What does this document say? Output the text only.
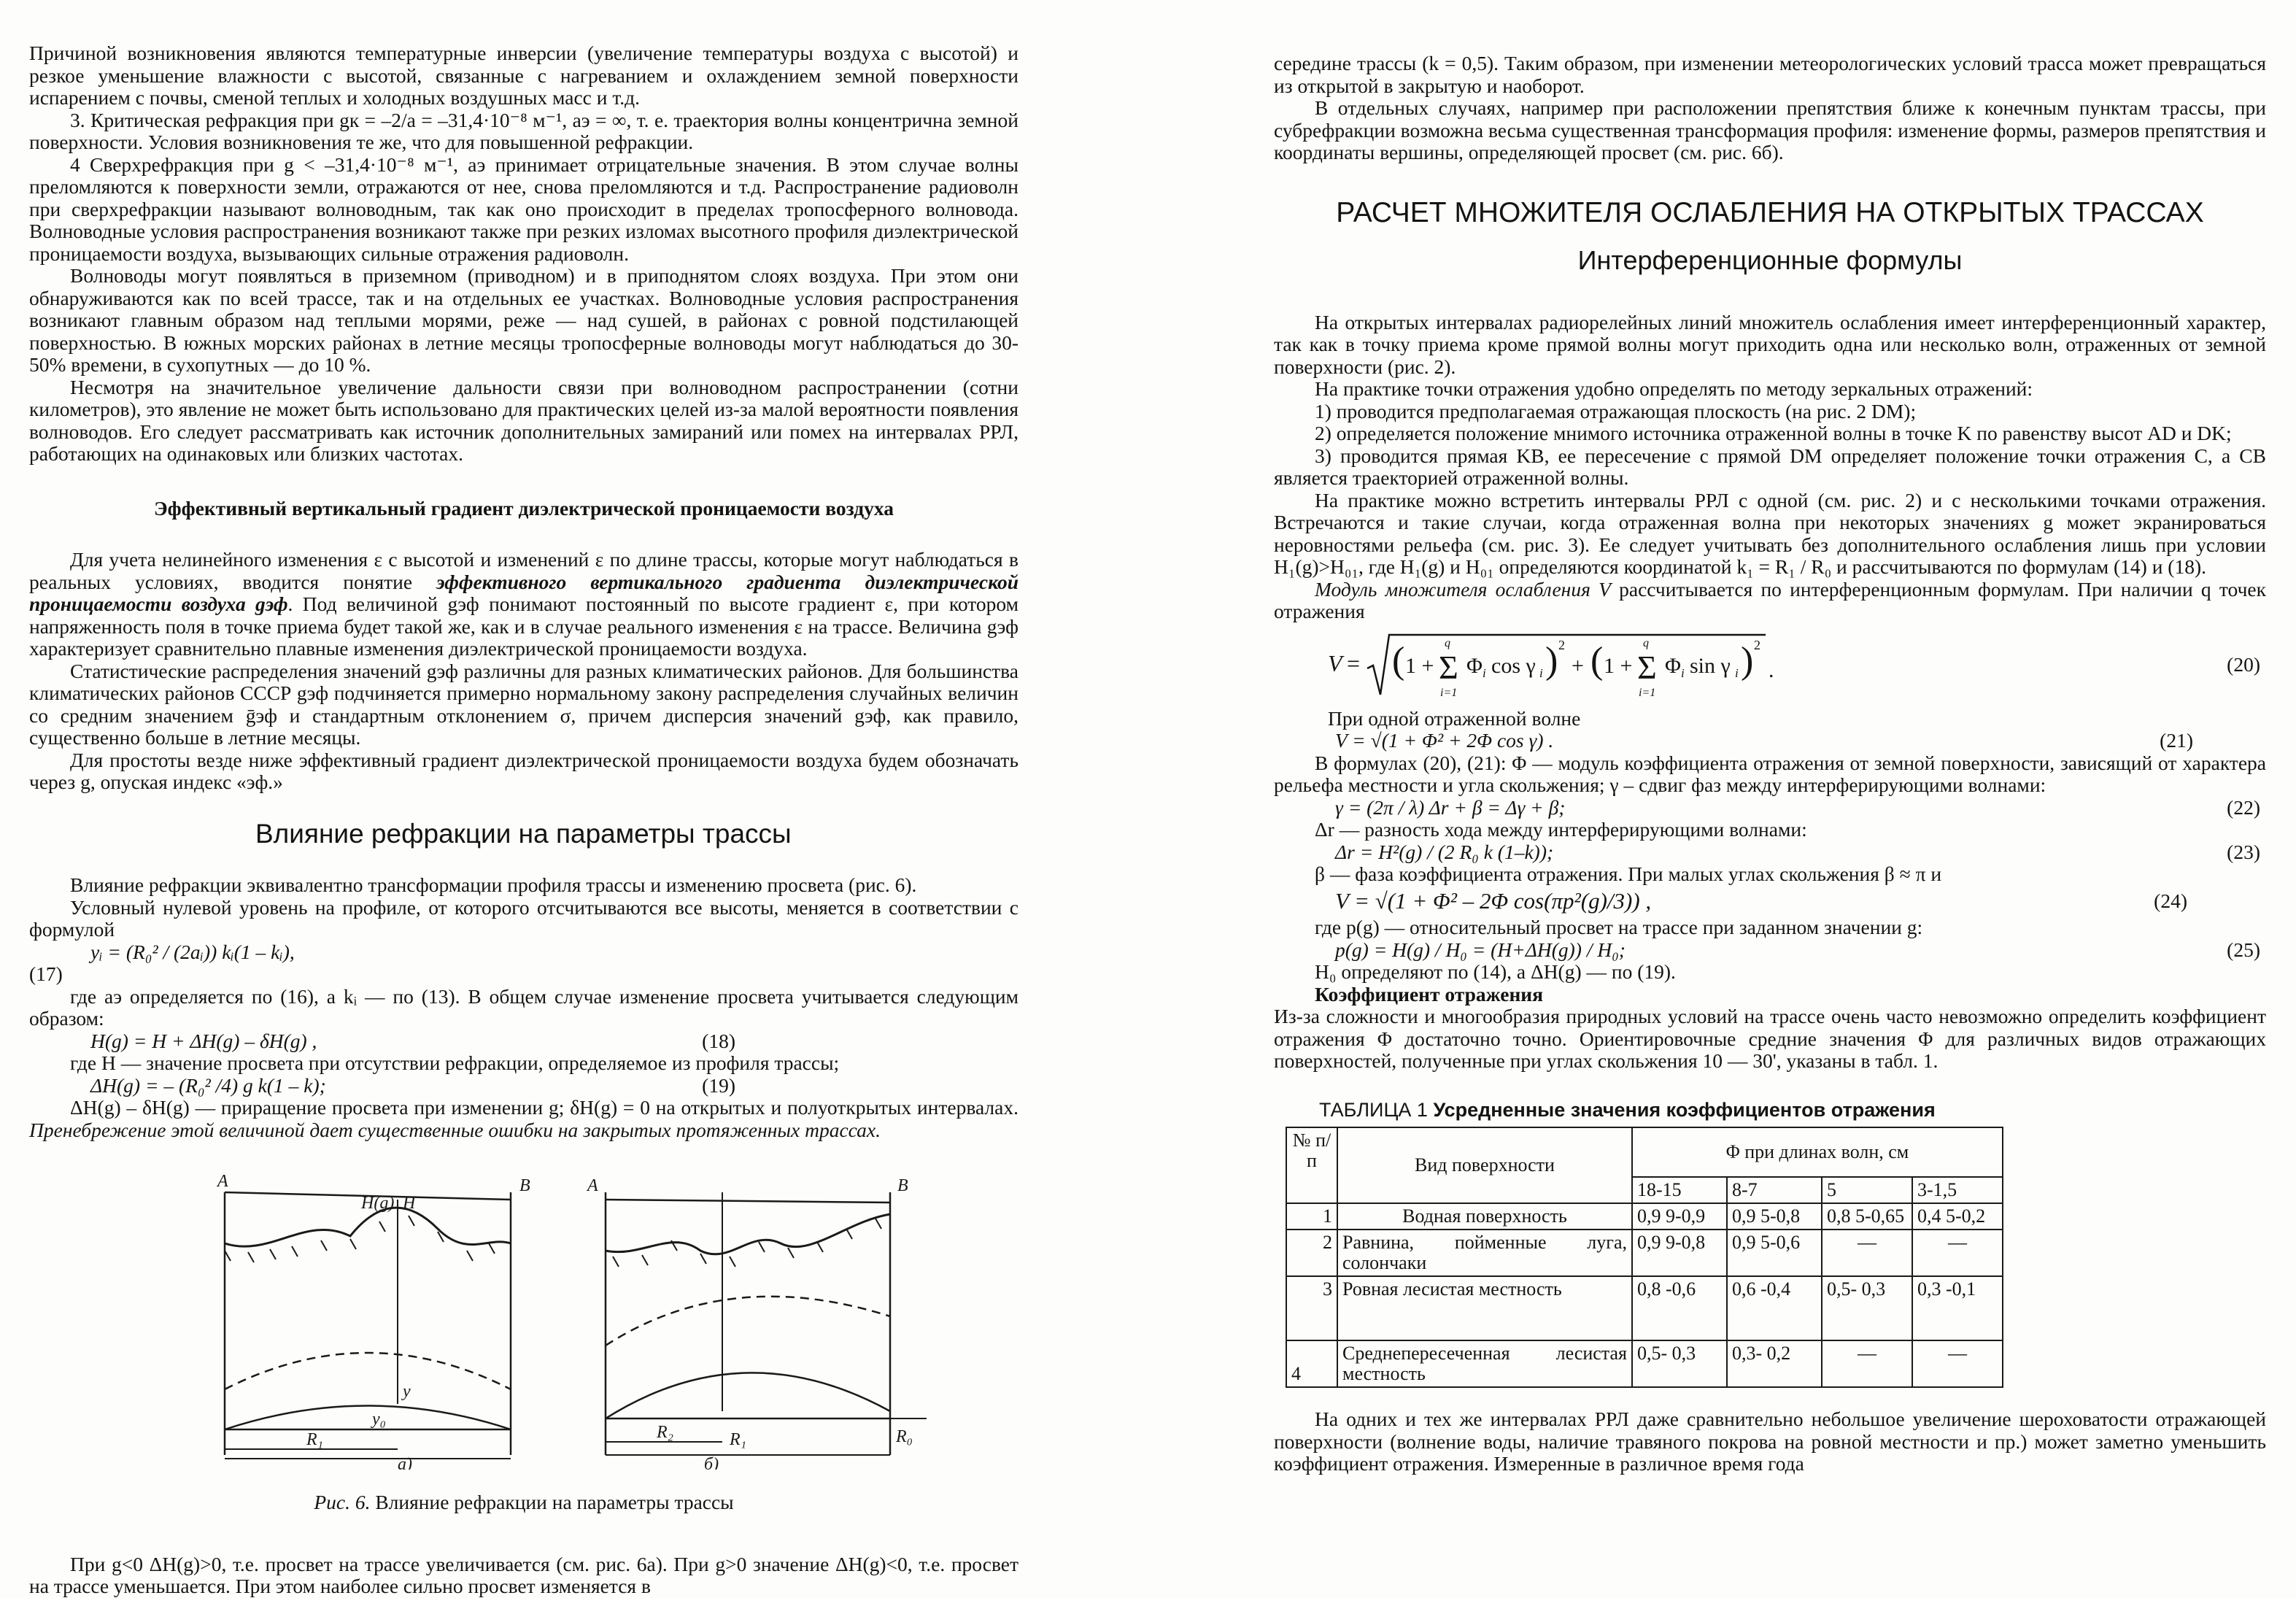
Причиной возникновения являются температурные инверсии (увеличение температуры воздуха с высотой) и резкое уменьшение влажности с высотой, связанные с нагреванием и охлаждением земной поверхности испарением с почвы, сменой теплых и холодных воздушных масс и т.д.

3. Критическая рефракция при gк = –2/a = –31,4·10⁻⁸ м⁻¹, aэ = ∞, т. е. траектория волны концентрична земной поверхности. Условия возникновения те же, что для повышенной рефракции.

4 Сверхрефракция при g < –31,4·10⁻⁸ м⁻¹, aэ принимает отрицательные значения. В этом случае волны преломляются к поверхности земли, отражаются от нее, снова преломляются и т.д. Распространение радиоволн при сверхрефракции называют волноводным, так как оно происходит в пределах тропосферного волновода. Волноводные условия распространения возникают также при резких изломах высотного профиля диэлектрической проницаемости воздуха, вызывающих сильные отражения радиоволн.

Волноводы могут появляться в приземном (приводном) и в приподнятом слоях воздуха. При этом они обнаруживаются как по всей трассе, так и на отдельных ее участках. Волноводные условия распространения возникают главным образом над теплыми морями, реже — над сушей, в районах с ровной подстилающей поверхностью. В южных морских районах в летние месяцы тропосферные волноводы могут наблюдаться до 30-50% времени, в сухопутных — до 10 %.

Несмотря на значительное увеличение дальности связи при волноводном распространении (сотни километров), это явление не может быть использовано для практических целей из-за малой вероятности появления волноводов. Его следует рассматривать как источник дополнительных замираний или помех на интервалах РРЛ, работающих на одинаковых или близких частотах.

Эффективный вертикальный градиент диэлектрической проницаемости воздуха

Для учета нелинейного изменения ε с высотой и изменений ε по длине трассы, которые могут наблюдаться в реальных условиях, вводится понятие эффективного вертикального градиента диэлектрической проницаемости воздуха gэф. Под величиной gэф понимают постоянный по высоте градиент ε, при котором напряженность поля в точке приема будет такой же, как и в случае реального изменения ε на трассе. Величина gэф характеризует сравнительно плавные изменения диэлектрической проницаемости воздуха.

Статистические распределения значений gэф различны для разных климатических районов. Для большинства климатических районов СССР gэф подчиняется примерно нормальному закону распределения случайных величин со средним значением ḡэф и стандартным отклонением σ, причем дисперсия значений gэф, как правило, существенно больше в летние месяцы.

Для простоты везде ниже эффективный градиент диэлектрической проницаемости воздуха будем обозначать через g, опуская индекс «эф.»

Влияние рефракции на параметры трассы

Влияние рефракции эквивалентно трансформации профиля трассы и изменению просвета (рис. 6).

Условный нулевой уровень на профиле, от которого отсчитываются все высоты, меняется в соответствии с формулой

yᵢ = (R₀² / (2aᵢ)) kᵢ(1 – kᵢ),
(17)

где aэ определяется по (16), а kᵢ — по (13). В общем случае изменение просвета учитывается следующим образом:

H(g) = H + ΔH(g) – δH(g) ,	(18)

где H — значение просвета при отсутствии рефракции, определяемое из профиля трассы;

ΔH(g) = – (R₀² /4) g k(1 – k);	(19)

ΔH(g) – δH(g) — приращение просвета при изменении g; δH(g) = 0 на открытых и полуоткрытых интервалах. Пренебрежение этой величиной дает существенные ошибки на закрытых протяженных трассах.

A	B
H(g) H
y
y₀
R₁
A	B
R₂	R₁	R₀
а)	б)

Рис. 6. Влияние рефракции на параметры трассы

При g<0 ΔH(g)>0, т.е. просвет на трассе увеличивается (см. рис. 6а). При g>0 значение ΔH(g)<0, т.е. просвет на трассе уменьшается. При этом наиболее сильно просвет изменяется в

середине трассы (k = 0,5). Таким образом, при изменении метеорологических условий трасса может превращаться из открытой в закрытую и наоборот.

В отдельных случаях, например при расположении препятствия ближе к конечным пунктам трассы, при субрефракции возможна весьма существенная трансформация профиля: изменение формы, размеров препятствия и координаты вершины, определяющей просвет (см. рис. 6б).

РАСЧЕТ МНОЖИТЕЛЯ ОСЛАБЛЕНИЯ НА ОТКРЫТЫХ ТРАССАХ

Интерференционные формулы

На открытых интервалах радиорелейных линий множитель ослабления имеет интерференционный характер, так как в точку приема кроме прямой волны могут приходить одна или несколько волн, отраженных от земной поверхности (рис. 2).

На практике точки отражения удобно определять по методу зеркальных отражений:

1) проводится предполагаемая отражающая плоскость (на рис. 2 DM);

2) определяется положение мнимого источника отраженной волны в точке K по равенству высот AD и DK;

3) проводится прямая KB, ее пересечение с прямой DM определяет положение точки отражения C, а CB является траекторией отраженной волны.

На практике можно встретить интервалы РРЛ с одной (см. рис. 2) и с несколькими точками отражения. Встречаются и такие случаи, когда отраженная волна при некоторых значениях g может экранироваться неровностями рельефа (см. рис. 3). Ее следует учитывать без дополнительного ослабления лишь при условии H₁(g)>H₀₁, где H₁(g) и H₀₁ определяются координатой k₁ = R₁ / R₀ и рассчитываются по формулам (14) и (18).

Модуль множителя ослабления V рассчитывается по интерференционным формулам. При наличии q точек отражения

V = ( 1 + Σ
q
i=1
Φ i cos γ i ) 2
+ ( 1 + Σ
q
i=1
Φ i sin γ i ) 2
.	(20)

При одной отраженной волне

V = √(1 + Φ² + 2Φ cos γ) .	(21)

В формулах (20), (21): Φ — модуль коэффициента отражения от земной поверхности, зависящий от характера рельефа местности и угла скольжения; γ – сдвиг фаз между интерферирующими волнами:

γ = (2π / λ) Δr + β = Δγ + β;	(22)

Δr — разность хода между интерферирующими волнами:

Δr = H²(g) / (2 R₀ k (1–k));	(23)

β — фаза коэффициента отражения. При малых углах скольжения β ≈ π и

V = √(1 + Φ² – 2Φ cos(πp²(g)/3)) ,	(24)

где p(g) — относительный просвет на трассе при заданном значении g:

p(g) = H(g) / H₀ = (H+ΔH(g)) / H₀;	(25)

H₀ определяют по (14), а ΔH(g) — по (19).

Коэффициент отражения

Из-за сложности и многообразия природных условий на трассе очень часто невозможно определить коэффициент отражения Φ достаточно точно. Ориентировочные средние значения Φ для различных видов отражающих поверхностей, полученные при углах скольжения 10 — 30', указаны в табл. 1.

ТАБЛИЦА 1 Усредненные значения коэффициентов отражения

№ п/п	Вид поверхности	Φ при длинах волн, см			
		18-15	8-7	5	3-1,5
1	Водная поверхность	0,9 9-0,9	0,9 5-0,8	0,8 5-0,65	0,4 5-0,2
2	Равнина, пойменные луга, солончаки	0,9 9-0,8	0,9 5-0,6	—	—
3	Ровная лесистая местность	0,8 -0,6	0,6 -0,4	0,5- 0,3	0,3 -0,1
4	Среднепересеченная лесистая местность	0,5- 0,3	0,3- 0,2	—	—

На одних и тех же интервалах РРЛ даже сравнительно небольшое увеличение шероховатости отражающей поверхности (волнение воды, наличие травяного покрова на ровной местности и пр.) может заметно уменьшить коэффициент отражения. Измеренные в различное время года
